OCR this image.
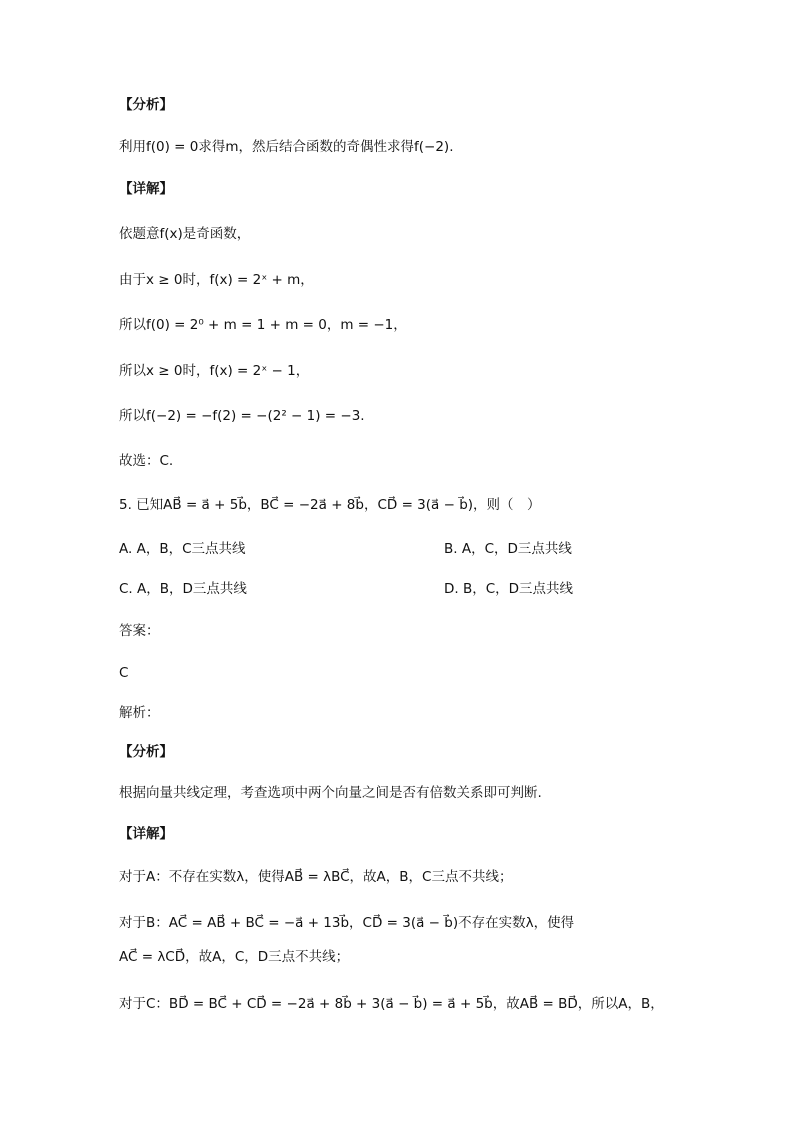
【分析】
利用f(0) = 0求得m，然后结合函数的奇偶性求得f(−2).
【详解】
依题意f(x)是奇函数，
由于x ≥ 0时，f(x) = 2ˣ + m，
所以f(0) = 2⁰ + m = 1 + m = 0，m = −1，
所以x ≥ 0时，f(x) = 2ˣ − 1，
所以f(−2) = −f(2) = −(2² − 1) = −3.
故选：C.
5. 已知AB⃗ = a⃗ + 5b⃗，BC⃗ = −2a⃗ + 8b⃗，CD⃗ = 3(a⃗ − b⃗)，则（　）
A. A，B，C三点共线	B. A，C，D三点共线
C. A，B，D三点共线	D. B，C，D三点共线
答案：
C
解析：
【分析】
根据向量共线定理，考查选项中两个向量之间是否有倍数关系即可判断.
【详解】
对于A：不存在实数λ，使得AB⃗ = λBC⃗，故A，B，C三点不共线；
对于B：AC⃗ = AB⃗ + BC⃗ = −a⃗ + 13b⃗，CD⃗ = 3(a⃗ − b⃗)不存在实数λ，使得
AC⃗ = λCD⃗，故A，C，D三点不共线；
对于C：BD⃗ = BC⃗ + CD⃗ = −2a⃗ + 8b⃗ + 3(a⃗ − b⃗) = a⃗ + 5b⃗，故AB⃗ = BD⃗，所以A，B，
